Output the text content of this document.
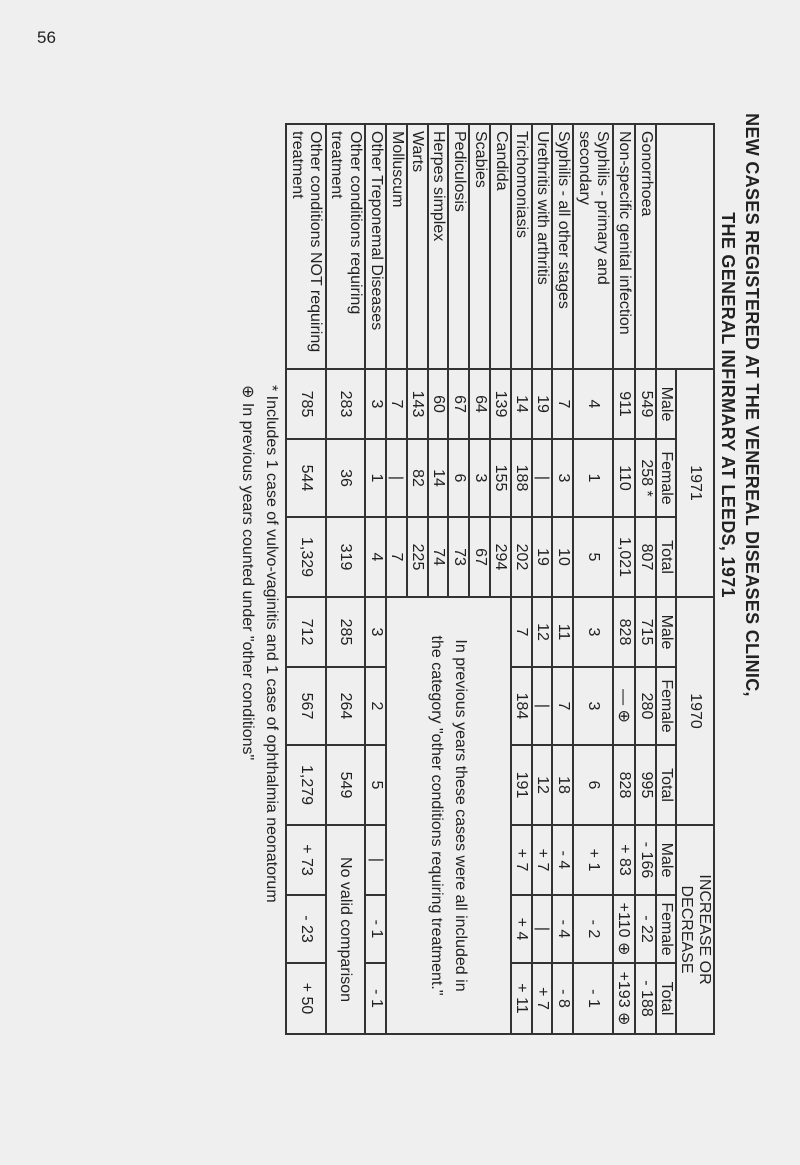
56
NEW CASES REGISTERED AT THE VENEREAL DISEASES CLINIC,
THE GENERAL INFIRMARY AT LEEDS, 1971
	1971			1970			INCREASE OR DECREASE		
	Male	Female	Total	Male	Female	Total	Male	Female	Total
Gonorrhoea	549	258 *	807	715	280	995	- 166	- 22	- 188
Non-specific genital infection	911	110	1,021	828	— ⊕	828	+ 83	+110 ⊕	+193 ⊕
Syphilis - primary and secondary	4	1	5	3	3	6	+ 1	- 2	- 1
Syphilis - all other stages	7	3	10	11	7	18	- 4	- 4	- 8
Urethritis with arthritis	19	|	19	12	|	12	+ 7	|	+ 7
Trichomoniasis	14	188	202	7	184	191	+ 7	+ 4	+ 11
Candida	139	155	294	In previous years these cases were all included in
the category "other conditions requiring treatment."					

Scabies	64	3	67						
Pediculosis	67	6	73						
Herpes simplex	60	14	74						
Warts	143	82	225						
Molluscum	7	|	7						
Other Treponemal Diseases	3	1	4	3	2	5	|	- 1	- 1
Other conditions requiring treatment	283	36	319	285	264	549	No valid comparison		
Other conditions NOT requiring treatment	785	544	1,329	712	567	1,279	+ 73	- 23	+ 50
* Includes 1 case of vulvo-vaginitis and 1 case of ophthalmia neonatorum
⊕ In previous years counted under "other conditions"
